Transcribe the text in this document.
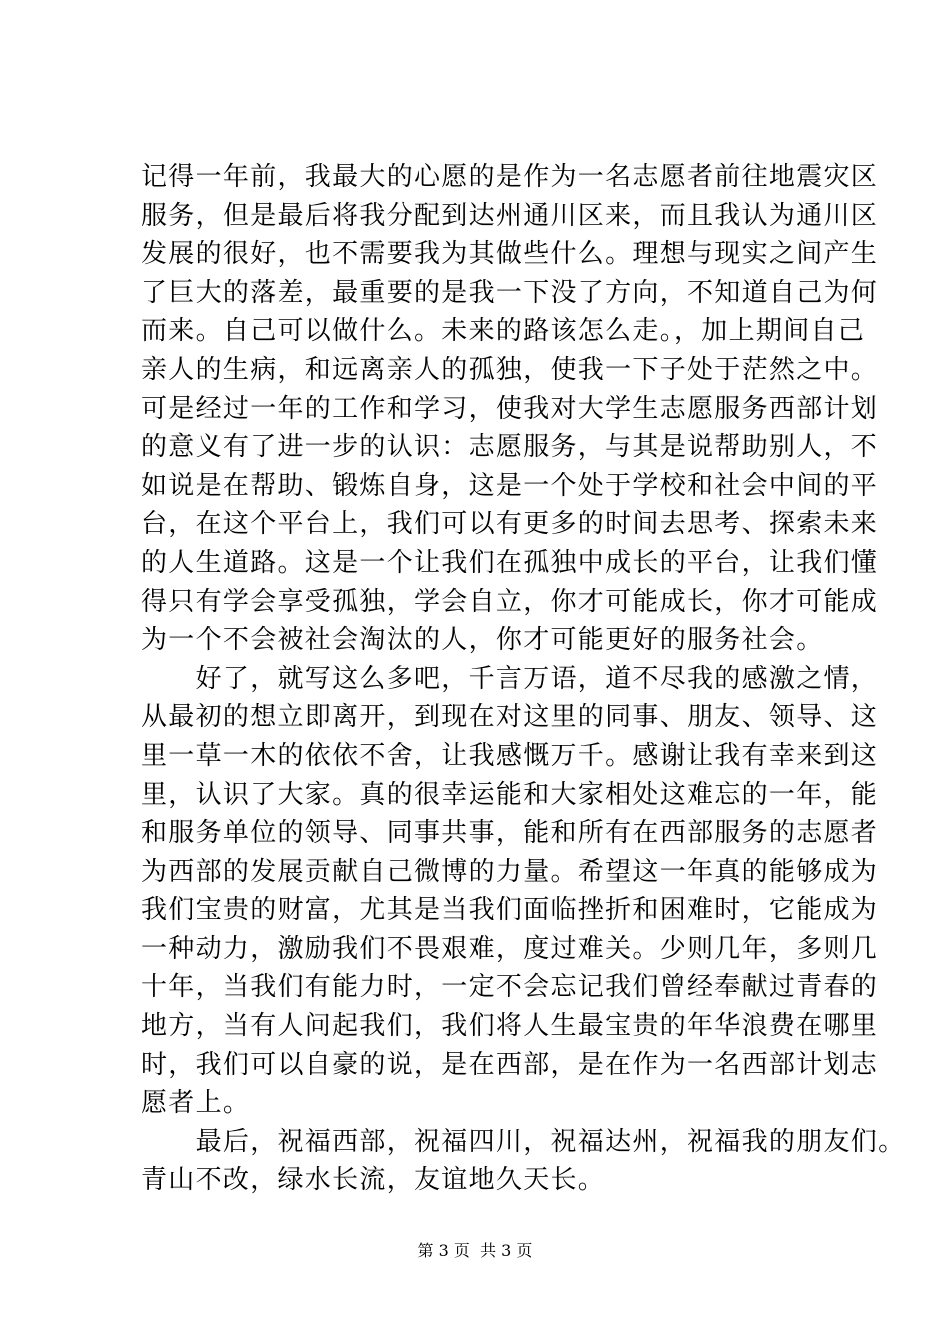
记得一年前，我最大的心愿的是作为一名志愿者前往地震灾区
服务，但是最后将我分配到达州通川区来，而且我认为通川区
发展的很好，也不需要我为其做些什么。理想与现实之间产生
了巨大的落差，最重要的是我一下没了方向，不知道自己为何
而来。自己可以做什么。未来的路该怎么走。，加上期间自己
亲人的生病，和远离亲人的孤独，使我一下子处于茫然之中。
可是经过一年的工作和学习，使我对大学生志愿服务西部计划
的意义有了进一步的认识：志愿服务，与其是说帮助别人，不
如说是在帮助、锻炼自身，这是一个处于学校和社会中间的平
台，在这个平台上，我们可以有更多的时间去思考、探索未来
的人生道路。这是一个让我们在孤独中成长的平台，让我们懂
得只有学会享受孤独，学会自立，你才可能成长，你才可能成
为一个不会被社会淘汰的人，你才可能更好的服务社会。
　　好了，就写这么多吧，千言万语，道不尽我的感激之情，
从最初的想立即离开，到现在对这里的同事、朋友、领导、这
里一草一木的依依不舍，让我感慨万千。感谢让我有幸来到这
里，认识了大家。真的很幸运能和大家相处这难忘的一年，能
和服务单位的领导、同事共事，能和所有在西部服务的志愿者
为西部的发展贡献自己微博的力量。希望这一年真的能够成为
我们宝贵的财富，尤其是当我们面临挫折和困难时，它能成为
一种动力，激励我们不畏艰难，度过难关。少则几年，多则几
十年，当我们有能力时，一定不会忘记我们曾经奉献过青春的
地方，当有人问起我们，我们将人生最宝贵的年华浪费在哪里
时，我们可以自豪的说，是在西部，是在作为一名西部计划志
愿者上。
　　最后，祝福西部，祝福四川，祝福达州，祝福我的朋友们。
青山不改，绿水长流，友谊地久天长。
第 3 页  共 3 页
